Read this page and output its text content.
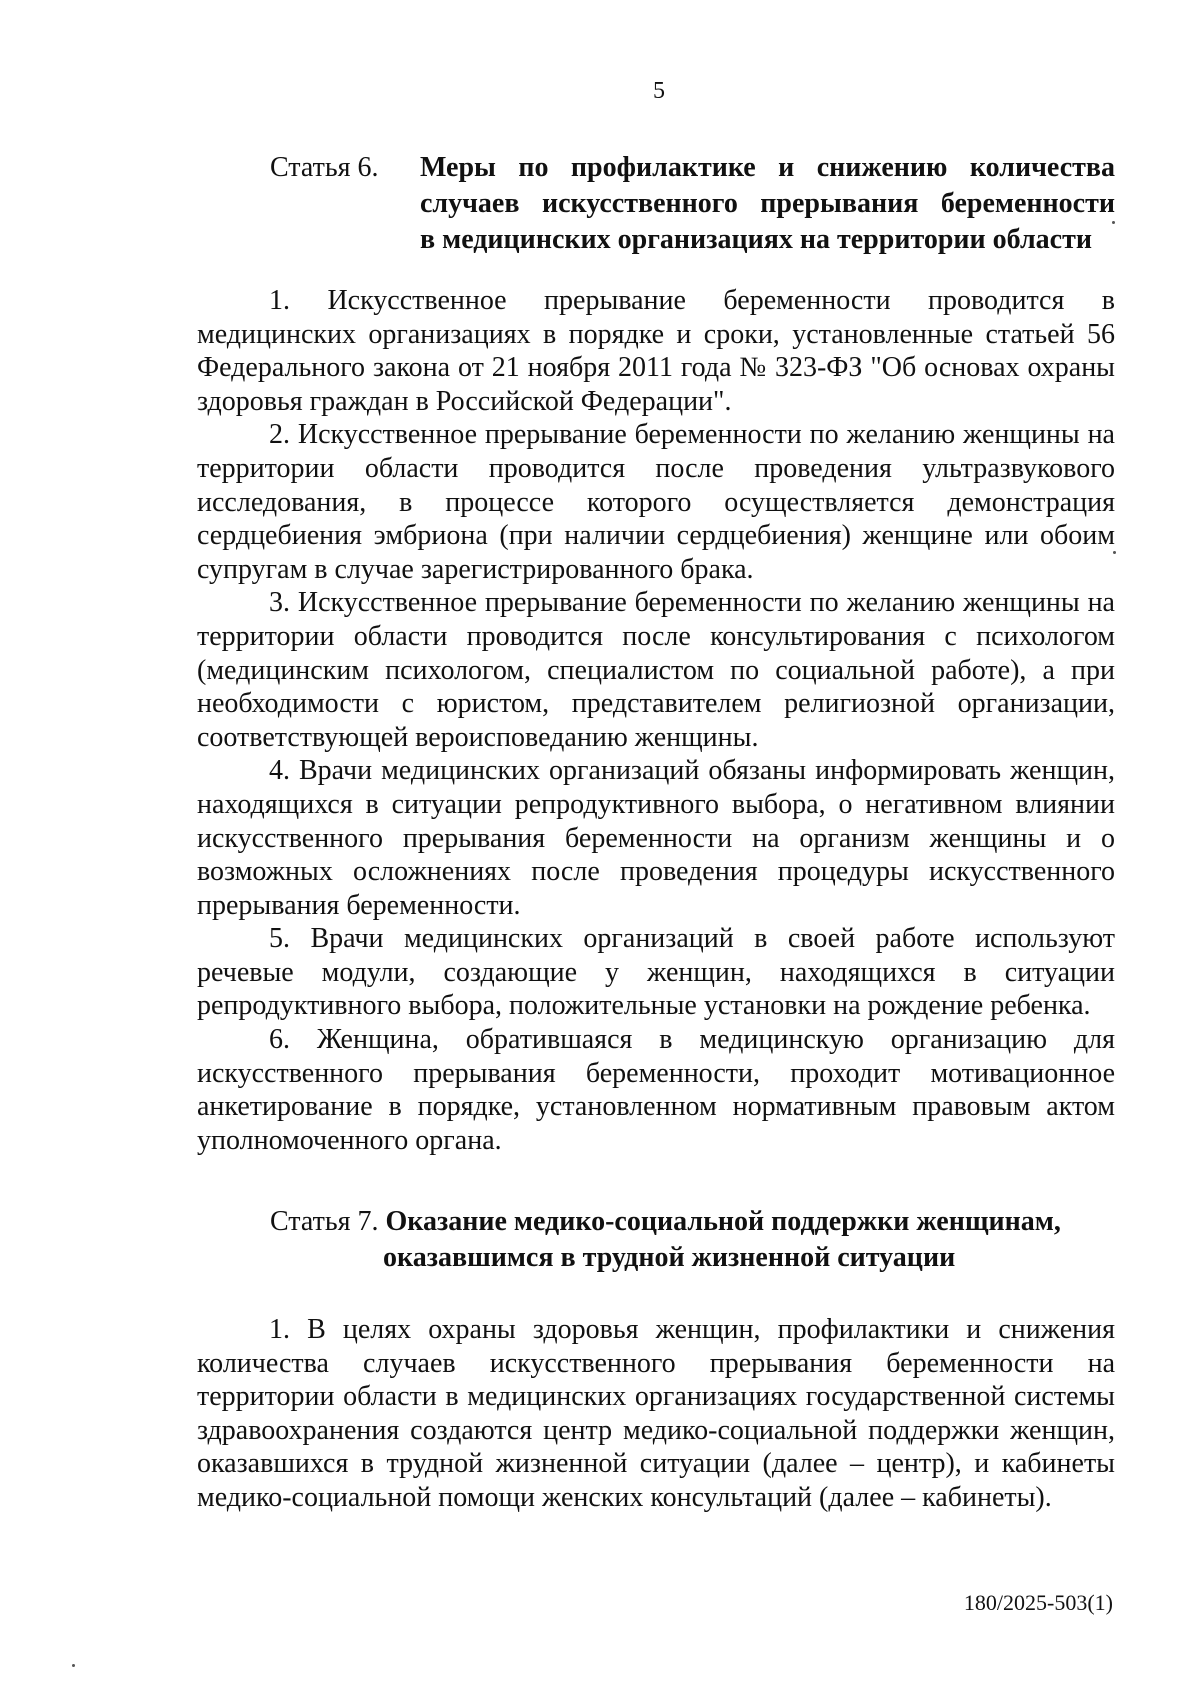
5
Статья 6. Меры по профилактике и снижению количества
случаев искусственного прерывания беременности
в медицинских организациях на территории области

1. Искусственное прерывание беременности проводится в медицинских организациях в порядке и сроки, установленные статьей 56 Федерального закона от 21 ноября 2011 года № 323-ФЗ "Об основах охраны здоровья граждан в Российской Федерации".

2. Искусственное прерывание беременности по желанию женщины на территории области проводится после проведения ультразвукового исследования, в процессе которого осуществляется демонстрация сердцебиения эмбриона (при наличии сердцебиения) женщине или обоим супругам в случае зарегистрированного брака.

3. Искусственное прерывание беременности по желанию женщины на территории области проводится после консультирования с психологом (медицинским психологом, специалистом по социальной работе), а при необходимости с юристом, представителем религиозной организации, соответствующей вероисповеданию женщины.

4. Врачи медицинских организаций обязаны информировать женщин, находящихся в ситуации репродуктивного выбора, о негативном влиянии искусственного прерывания беременности на организм женщины и о возможных осложнениях после проведения процедуры искусственного прерывания беременности.

5. Врачи медицинских организаций в своей работе используют речевые модули, создающие у женщин, находящихся в ситуации репродуктивного выбора, положительные установки на рождение ребенка.

6. Женщина, обратившаяся в медицинскую организацию для искусственного прерывания беременности, проходит мотивационное анкетирование в порядке, установленном нормативным правовым актом уполномоченного органа.

Статья 7. Оказание медико-социальной поддержки женщинам,
оказавшимся в трудной жизненной ситуации

1. В целях охраны здоровья женщин, профилактики и снижения количества случаев искусственного прерывания беременности на территории области в медицинских организациях государственной системы здравоохранения создаются центр медико-социальной поддержки женщин, оказавшихся в трудной жизненной ситуации (далее – центр), и кабинеты медико-социальной помощи женских консультаций (далее – кабинеты).

180/2025-503(1)
